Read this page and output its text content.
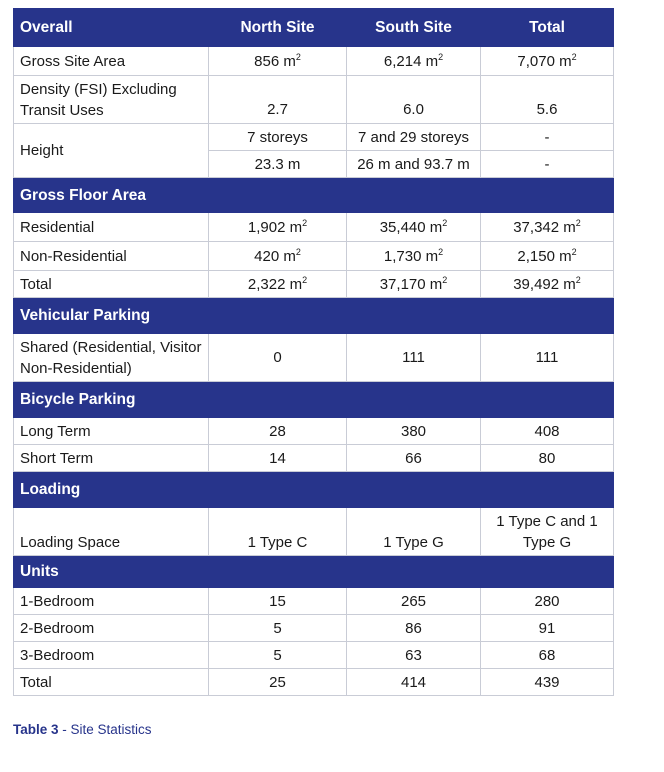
Overall	North Site	South Site	Total
Gross Site Area	856 $m^2$	6,214 $m^2$	7,070 $m^2$
Density (FSI) Excluding Transit Uses	2.7	6.0	5.6
Height	7 storeys	7 and 29 storeys	-
	23.3 m	26 m and 93.7 m	-
Gross Floor Area			
Residential	1,902 $m^2$	35,440 $m^2$	37,342 $m^2$
Non-Residential	420 $m^2$	1,730 $m^2$	2,150 $m^2$
Total	2,322 $m^2$	37,170 $m^2$	39,492 $m^2$
Vehicular Parking			
Shared (Residential, Visitor Non-Residential)	0	111	111
Bicycle Parking			
Long Term	28	380	408
Short Term	14	66	80
Loading			
Loading Space	1 Type C	1 Type G	1 Type C and 1 Type G
Units			
1-Bedroom	15	265	280
2-Bedroom	5	86	91
3-Bedroom	5	63	68
Total	25	414	439
Table 3 - Site Statistics
